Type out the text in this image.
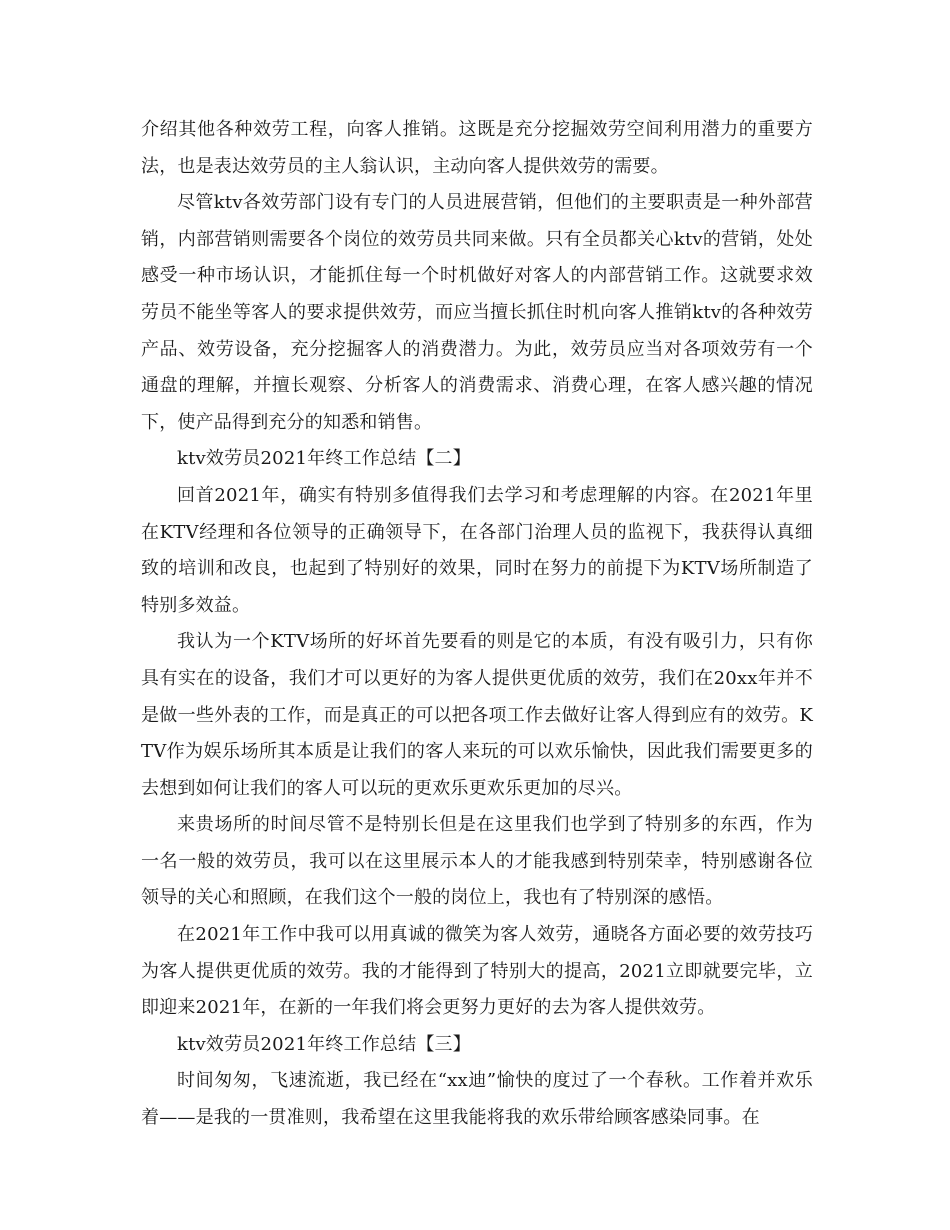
介绍其他各种效劳工程，向客人推销。这既是充分挖掘效劳空间利用潜力的重要方法，也是表达效劳员的主人翁认识，主动向客人提供效劳的需要。

尽管ktv各效劳部门设有专门的人员进展营销，但他们的主要职责是一种外部营销，内部营销则需要各个岗位的效劳员共同来做。只有全员都关心ktv的营销，处处感受一种市场认识，才能抓住每一个时机做好对客人的内部营销工作。这就要求效劳员不能坐等客人的要求提供效劳，而应当擅长抓住时机向客人推销ktv的各种效劳产品、效劳设备，充分挖掘客人的消费潜力。为此，效劳员应当对各项效劳有一个通盘的理解，并擅长观察、分析客人的消费需求、消费心理，在客人感兴趣的情况下，使产品得到充分的知悉和销售。

ktv效劳员2021年终工作总结【二】

回首2021年，确实有特别多值得我们去学习和考虑理解的内容。在2021年里在KTV经理和各位领导的正确领导下，在各部门治理人员的监视下，我获得认真细致的培训和改良，也起到了特别好的效果，同时在努力的前提下为KTV场所制造了特别多效益。

我认为一个KTV场所的好坏首先要看的则是它的本质，有没有吸引力，只有你具有实在的设备，我们才可以更好的为客人提供更优质的效劳，我们在20xx年并不是做一些外表的工作，而是真正的可以把各项工作去做好让客人得到应有的效劳。KTV作为娱乐场所其本质是让我们的客人来玩的可以欢乐愉快，因此我们需要更多的去想到如何让我们的客人可以玩的更欢乐更欢乐更加的尽兴。

来贵场所的时间尽管不是特别长但是在这里我们也学到了特别多的东西，作为一名一般的效劳员，我可以在这里展示本人的才能我感到特别荣幸，特别感谢各位领导的关心和照顾，在我们这个一般的岗位上，我也有了特别深的感悟。

在2021年工作中我可以用真诚的微笑为客人效劳，通晓各方面必要的效劳技巧为客人提供更优质的效劳。我的才能得到了特别大的提高，2021立即就要完毕，立即迎来2021年，在新的一年我们将会更努力更好的去为客人提供效劳。

ktv效劳员2021年终工作总结【三】

时间匆匆，飞速流逝，我已经在“xx迪”愉快的度过了一个春秋。工作着并欢乐着——是我的一贯准则，我希望在这里我能将我的欢乐带给顾客感染同事。在
